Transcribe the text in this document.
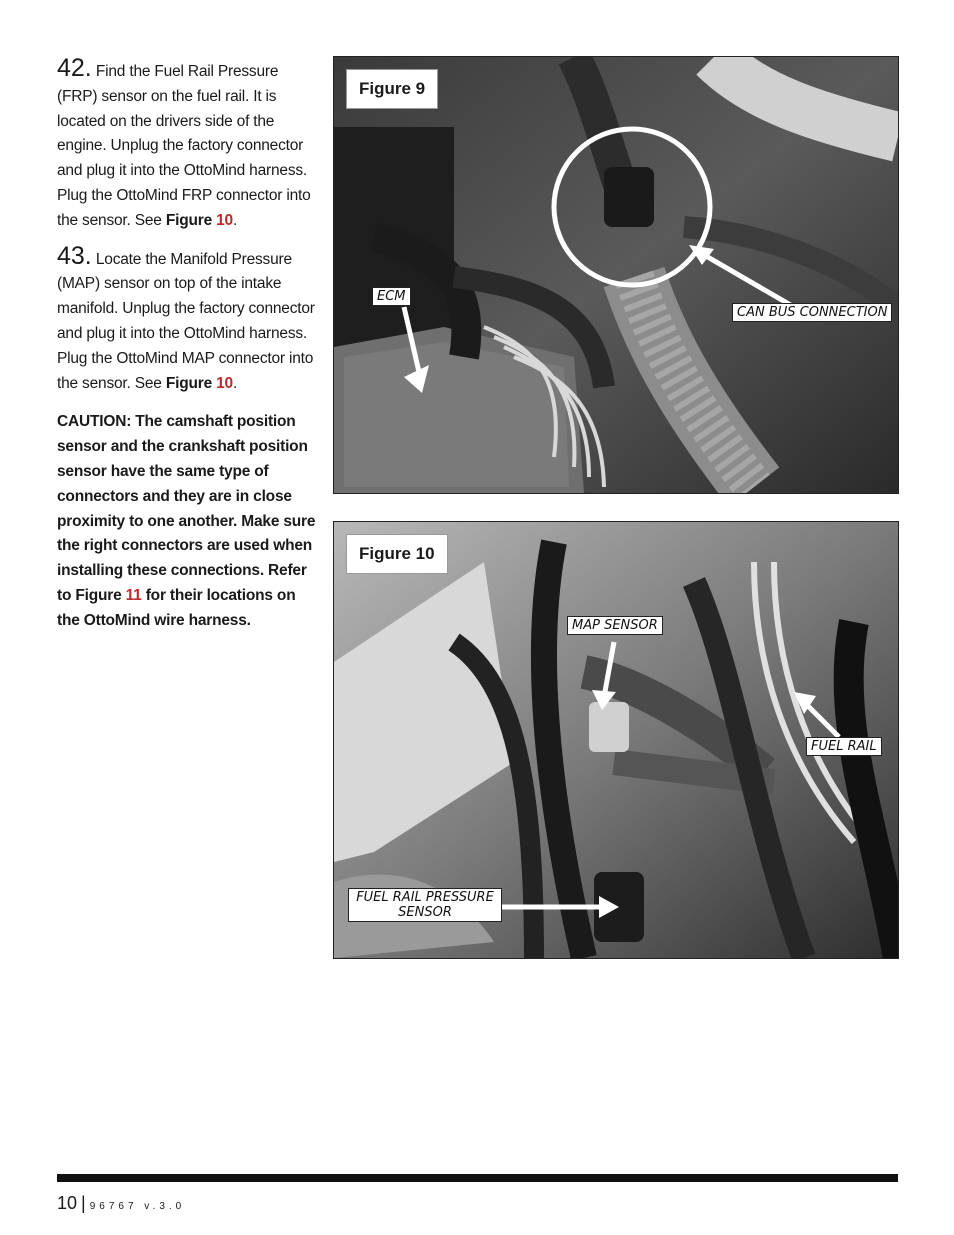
42. Find the Fuel Rail Pressure (FRP) sensor on the fuel rail. It is located on the drivers side of the engine. Unplug the factory connector and plug it into the OttoMind harness. Plug the OttoMind FRP connector into the sensor. See Figure 10.

43. Locate the Manifold Pressure (MAP) sensor on top of the intake manifold. Unplug the factory connector and plug it into the OttoMind harness. Plug the OttoMind MAP connector into the sensor. See Figure 10.

CAUTION: The camshaft position sensor and the crankshaft position sensor have the same type of connectors and they are in close proximity to one another. Make sure the right connectors are used when installing these connections. Refer to Figure 11 for their locations on the OttoMind wire harness.

Figure 9
ECM
CAN BUS CONNECTION
Figure 10
MAP SENSOR
FUEL RAIL
FUEL RAIL PRESSURE SENSOR
10 | 96767 v.3.0
